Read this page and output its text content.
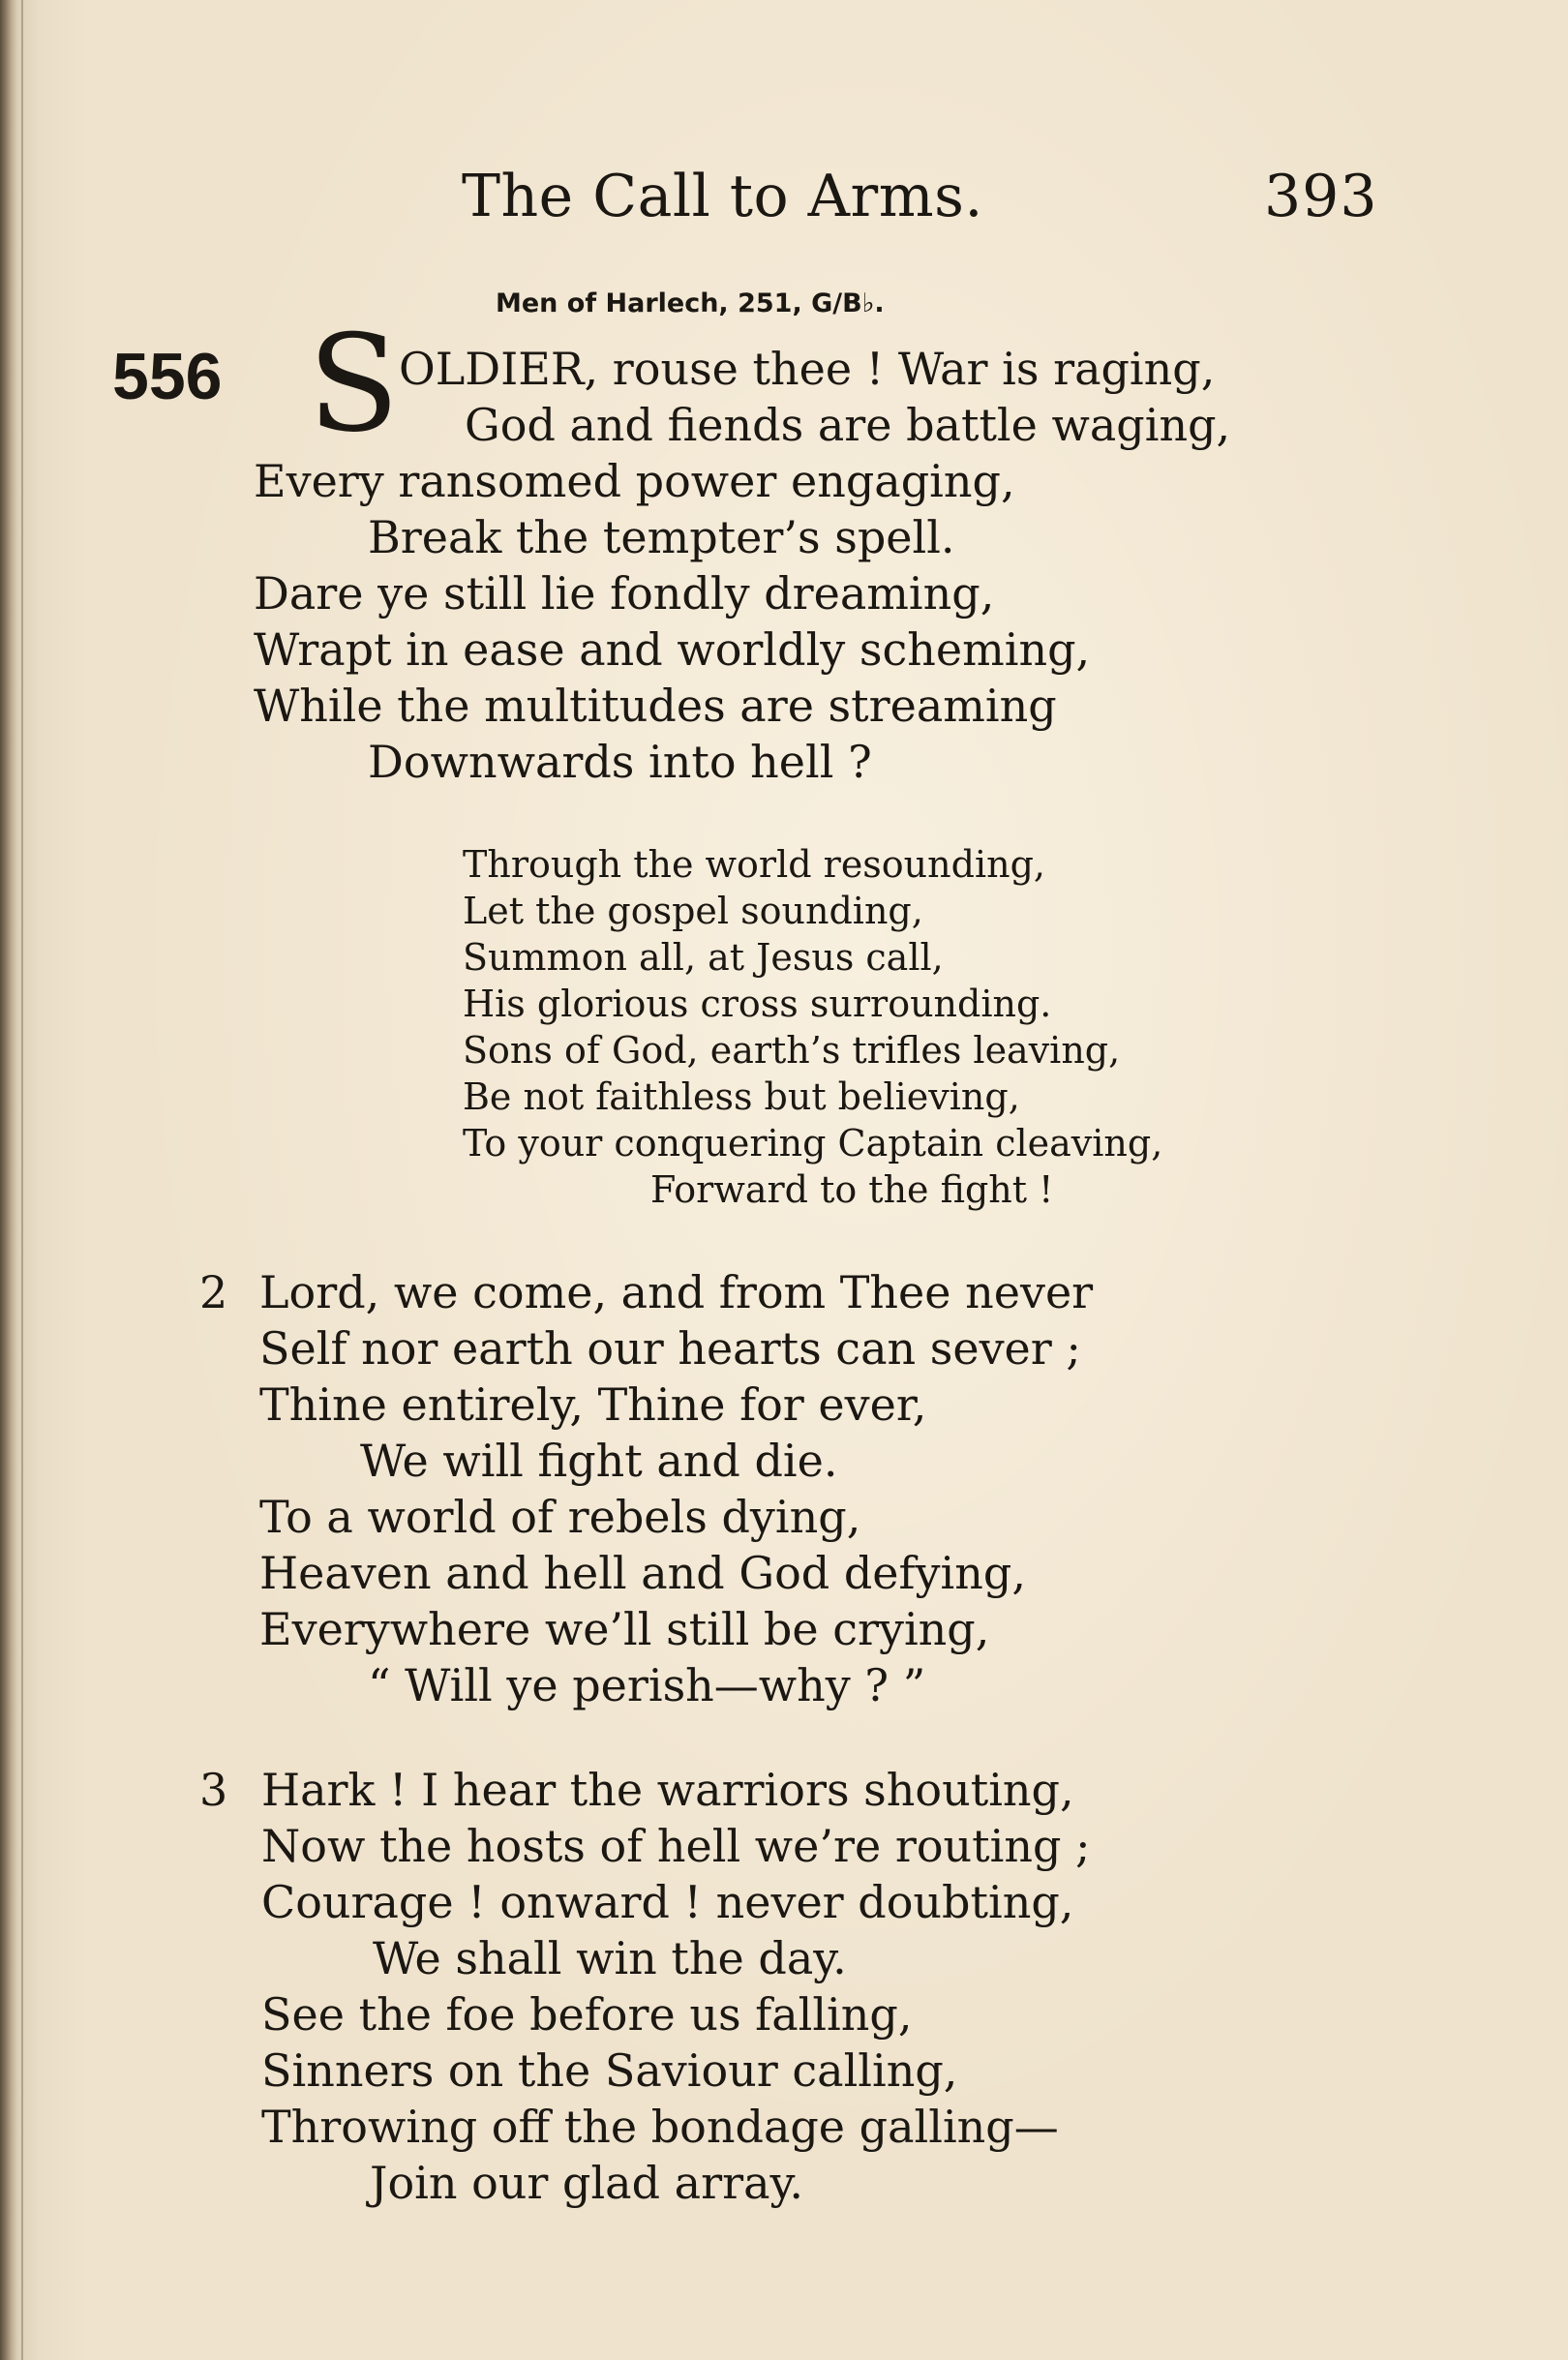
The Call to Arms.	393
Men of Harlech, 251, G/B♭.
556 S OLDIER, rouse thee ! War is raging,
God and fiends are battle waging,
Every ransomed power engaging,
Break the tempter’s spell.
Dare ye still lie fondly dreaming,
Wrapt in ease and worldly scheming,
While the multitudes are streaming
Downwards into hell ?
Through the world resounding,
Let the gospel sounding,
Summon all, at Jesus call,
His glorious cross surrounding.
Sons of God, earth’s trifles leaving,
Be not faithless but believing,
To your conquering Captain cleaving,
Forward to the fight !
2 Lord, we come, and from Thee never
Self nor earth our hearts can sever ;
Thine entirely, Thine for ever,
We will fight and die.
To a world of rebels dying,
Heaven and hell and God defying,
Everywhere we’ll still be crying,
“ Will ye perish—why ? ”
3 Hark ! I hear the warriors shouting,
Now the hosts of hell we’re routing ;
Courage ! onward ! never doubting,
We shall win the day.
See the foe before us falling,
Sinners on the Saviour calling,
Throwing off the bondage galling—
Join our glad array.
